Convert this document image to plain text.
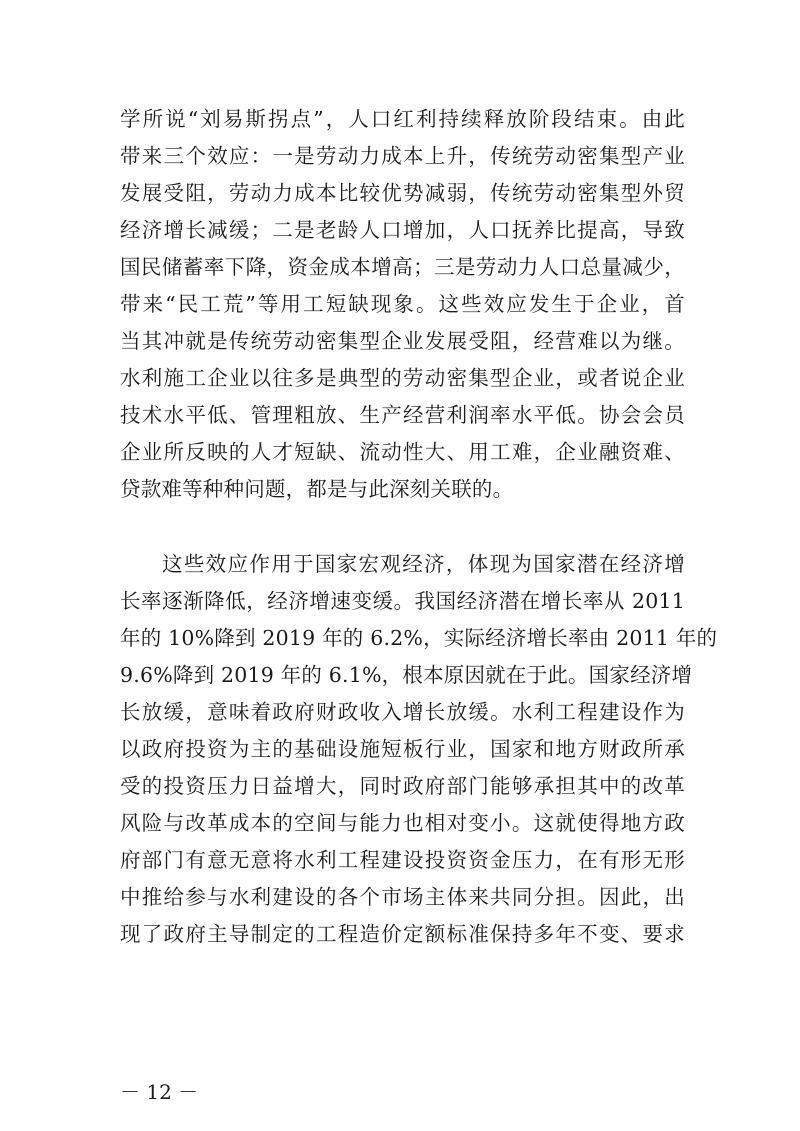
学所说“刘易斯拐点”，人口红利持续释放阶段结束。由此
带来三个效应：一是劳动力成本上升，传统劳动密集型产业
发展受阻，劳动力成本比较优势减弱，传统劳动密集型外贸
经济增长减缓；二是老龄人口增加，人口抚养比提高，导致
国民储蓄率下降，资金成本增高；三是劳动力人口总量减少，
带来“民工荒”等用工短缺现象。这些效应发生于企业，首
当其冲就是传统劳动密集型企业发展受阻，经营难以为继。
水利施工企业以往多是典型的劳动密集型企业，或者说企业
技术水平低、管理粗放、生产经营利润率水平低。协会会员
企业所反映的人才短缺、流动性大、用工难，企业融资难、
贷款难等种种问题，都是与此深刻关联的。
这些效应作用于国家宏观经济，体现为国家潜在经济增
长率逐渐降低，经济增速变缓。我国经济潜在增长率从 2011
年的 10%降到 2019 年的 6.2%，实际经济增长率由 2011 年的
9.6%降到 2019 年的 6.1%，根本原因就在于此。国家经济增
长放缓，意味着政府财政收入增长放缓。水利工程建设作为
以政府投资为主的基础设施短板行业，国家和地方财政所承
受的投资压力日益增大，同时政府部门能够承担其中的改革
风险与改革成本的空间与能力也相对变小。这就使得地方政
府部门有意无意将水利工程建设投资资金压力，在有形无形
中推给参与水利建设的各个市场主体来共同分担。因此，出
现了政府主导制定的工程造价定额标准保持多年不变、要求
－ 12 －
